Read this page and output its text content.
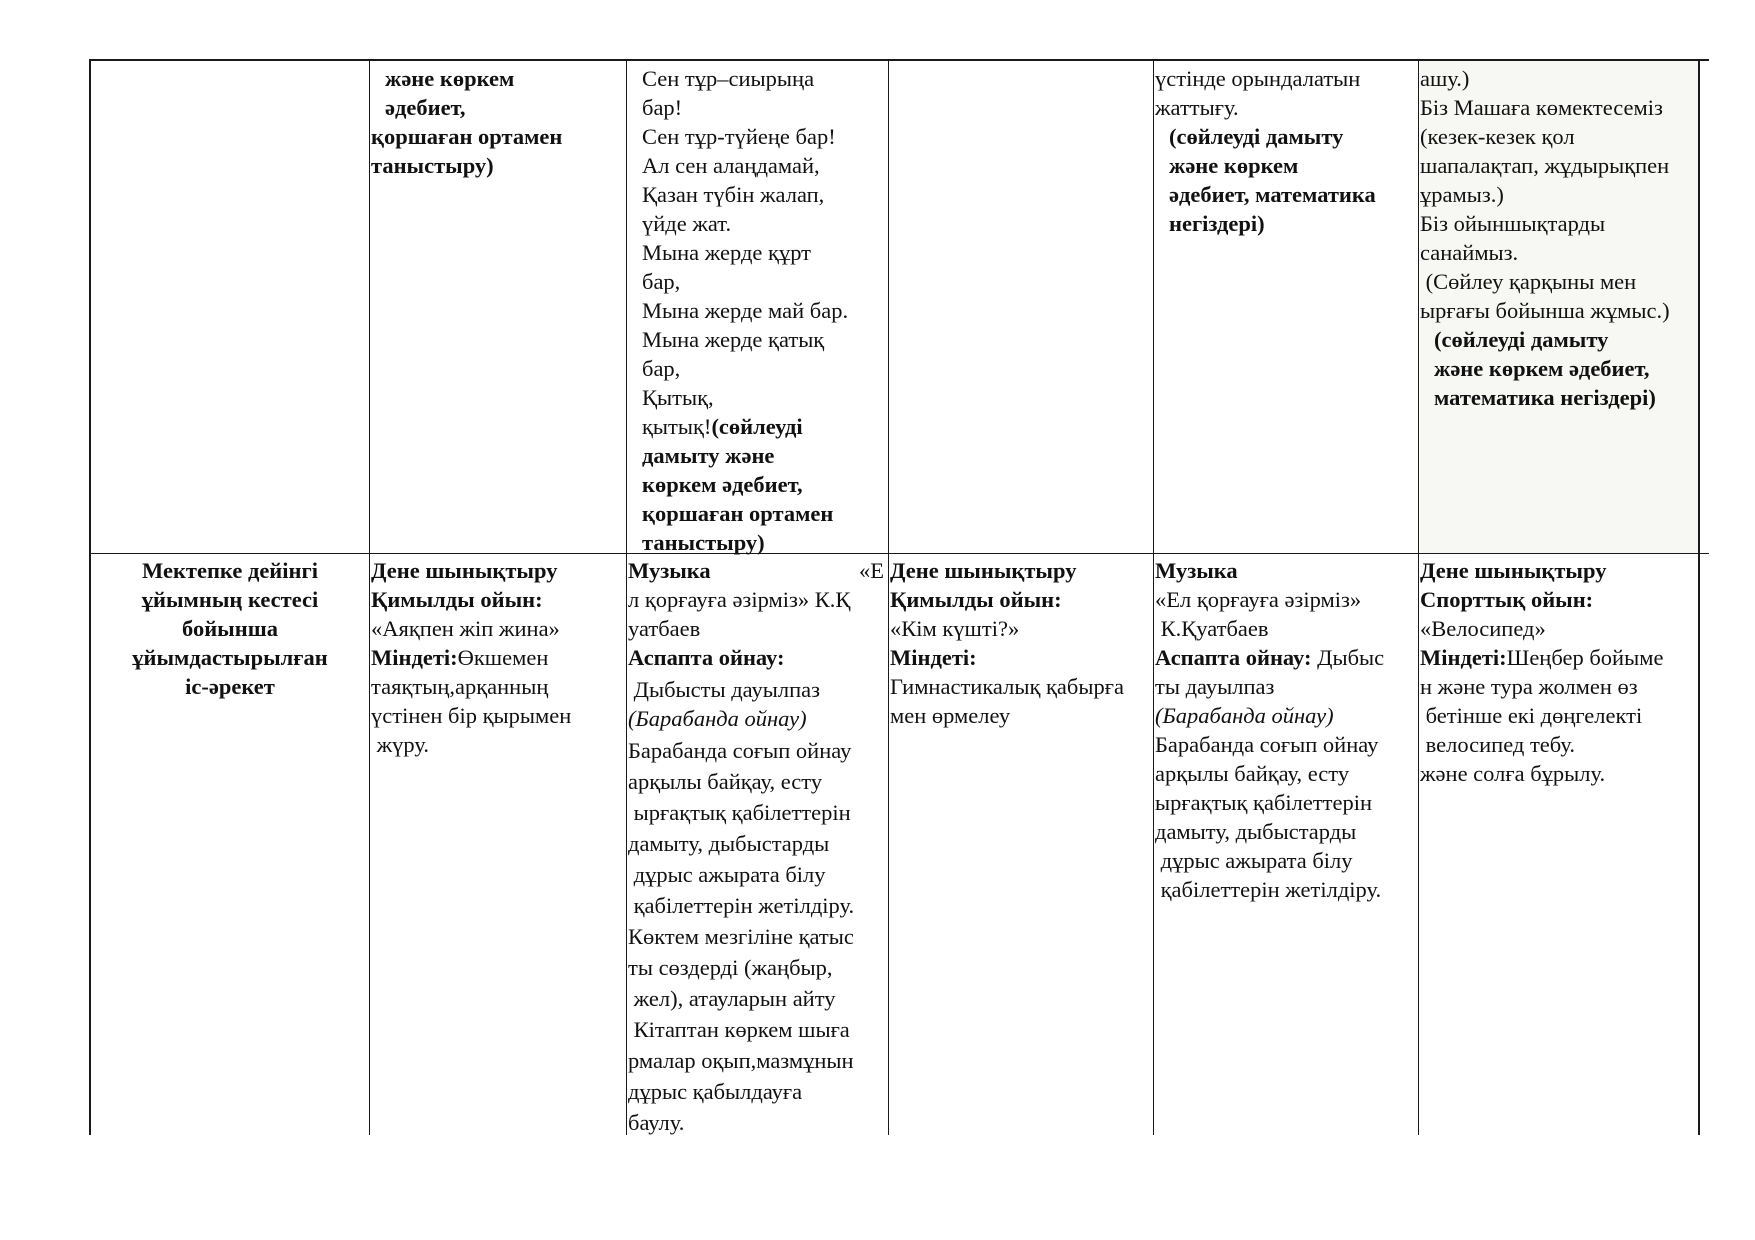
және көркем
әдебиет,
қоршаған ортамен
таныстыру)
Сен тұр–сиырыңа
бар!
Сен тұр-түйеңе бар!
Ал сен алаңдамай,
Қазан түбін жалап,
үйде жат.
Мына жерде құрт
бар,
Мына жерде май бар.
Мына жерде қатық
бар,
Қытық,
қытық!(сөйлеуді
дамыту және
көркем әдебиет,
қоршаған ортамен
таныстыру)
үстінде орындалатын
жаттығу.
(сөйлеуді дамыту
және көркем
әдебиет, математика
негіздері)
ашу.)
Біз Машаға көмектесеміз
(кезек-кезек қол
шапалақтап, жұдырықпен
ұрамыз.)
Біз ойыншықтарды
санаймыз.
(Сөйлеу қарқыны мен
ырғағы бойынша жұмыс.)
(сөйлеуді дамыту
және көркем әдебиет,
математика негіздері)
Мектепке дейінгі
ұйымның кестесі
бойынша
ұйымдастырылған
іс-әрекет
Дене шынықтыру
Қимылды ойын:
«Аяқпен жіп жина»
Міндеті:Өкшемен
таяқтың,арқанның
үстінен бір қырымен
жүру.
Музыка	«Е
л қорғауға әзірміз» К.Қ
уатбаев
Аспапта ойнау:
Дыбысты дауылпаз
(Барабанда ойнау)
Барабанда соғып ойнау
арқылы байқау, есту
ырғақтық қабілеттерін
дамыту, дыбыстарды
дұрыс ажырата білу
қабілеттерін жетілдіру.
Көктем мезгіліне қатыс
ты сөздерді (жаңбыр,
жел), атауларын айту
Кітаптан көркем шыға
рмалар оқып,мазмұнын
дұрыс қабылдауға
баулу.
Дене шынықтыру
Қимылды ойын:
«Кім күшті?»
Міндеті:
Гимнастикалық қабырға
мен өрмелеу
Музыка
«Ел қорғауға әзірміз»
К.Қуатбаев
Аспапта ойнау: Дыбыс
ты дауылпаз
(Барабанда ойнау)
Барабанда соғып ойнау
арқылы байқау, есту
ырғақтық қабілеттерін
дамыту, дыбыстарды
дұрыс ажырата білу
қабілеттерін жетілдіру.
Дене шынықтыру
Спорттық ойын:
«Велосипед»
Міндеті:Шеңбер бойыме
н және тура жолмен өз
бетінше екі дөңгелекті
велосипед тебу.
және солға бұрылу.
